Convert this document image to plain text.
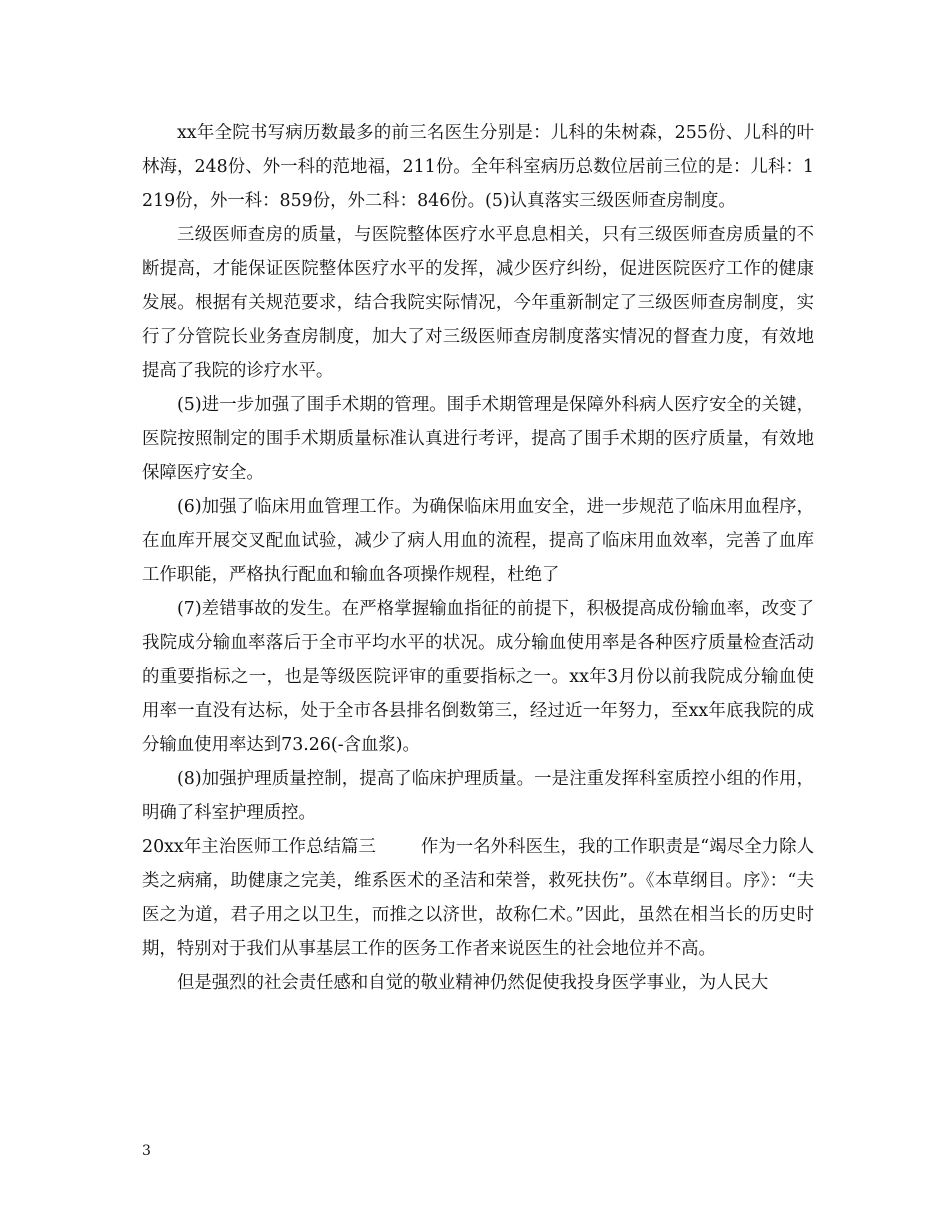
xx年全院书写病历数最多的前三名医生分别是：儿科的朱树森，255份、儿科的叶林海，248份、外一科的范地福，211份。全年科室病历总数位居前三位的是：儿科：1219份，外一科：859份，外二科：846份。(5)认真落实三级医师查房制度。

三级医师查房的质量，与医院整体医疗水平息息相关，只有三级医师查房质量的不断提高，才能保证医院整体医疗水平的发挥，减少医疗纠纷，促进医院医疗工作的健康发展。根据有关规范要求，结合我院实际情况，今年重新制定了三级医师查房制度，实行了分管院长业务查房制度，加大了对三级医师查房制度落实情况的督查力度，有效地提高了我院的诊疗水平。

(5)进一步加强了围手术期的管理。围手术期管理是保障外科病人医疗安全的关键，医院按照制定的围手术期质量标准认真进行考评，提高了围手术期的医疗质量，有效地保障医疗安全。

(6)加强了临床用血管理工作。为确保临床用血安全，进一步规范了临床用血程序，在血库开展交叉配血试验，减少了病人用血的流程，提高了临床用血效率，完善了血库工作职能，严格执行配血和输血各项操作规程，杜绝了

(7)差错事故的发生。在严格掌握输血指征的前提下，积极提高成份输血率，改变了我院成分输血率落后于全市平均水平的状况。成分输血使用率是各种医疗质量检查活动的重要指标之一，也是等级医院评审的重要指标之一。xx年3月份以前我院成分输血使用率一直没有达标，处于全市各县排名倒数第三，经过近一年努力，至xx年底我院的成分输血使用率达到73.26(-含血浆)。

(8)加强护理质量控制，提高了临床护理质量。一是注重发挥科室质控小组的作用，明确了科室护理质控。

20xx年主治医师工作总结篇三	作为一名外科医生，我的工作职责是“竭尽全力除人类之病痛，助健康之完美，维系医术的圣洁和荣誉，救死扶伤”。《本草纲目。序》：“夫医之为道，君子用之以卫生，而推之以济世，故称仁术。”因此，虽然在相当长的历史时期，特别对于我们从事基层工作的医务工作者来说医生的社会地位并不高。

但是强烈的社会责任感和自觉的敬业精神仍然促使我投身医学事业，为人民大

3
